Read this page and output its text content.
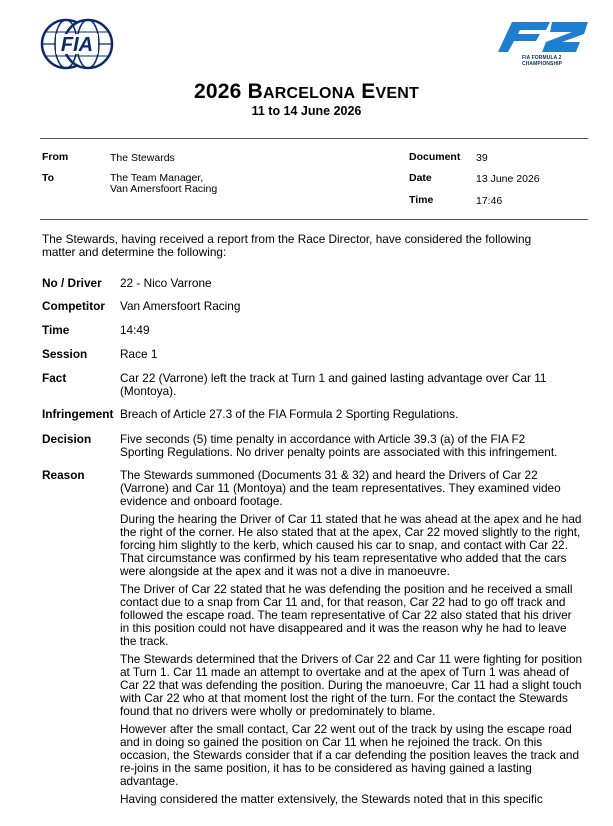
FIA
FIA FORMULA 2
CHAMPIONSHIP
2026 BARCELONA EVENT
11 to 14 June 2026
From	The Stewards
To	The Team Manager,
Van Amersfoort Racing
Document 39
Date	13 June 2026
Time	17:46
The Stewards, having received a report from the Race Director, have considered the following matter and determine the following:
No / Driver 22 - Nico Varrone
Competitor Van Amersfoort Racing
Time	14:49
Session	Race 1
Fact	Car 22 (Varrone) left the track at Turn 1 and gained lasting advantage over Car 11 (Montoya).
Infringement Breach of Article 27.3 of the FIA Formula 2 Sporting Regulations.
Decision Five seconds (5) time penalty in accordance with Article 39.3 (a) of the FIA F2 Sporting Regulations. No driver penalty points are associated with this infringement.
Reason	The Stewards summoned (Documents 31 & 32) and heard the Drivers of Car 22 (Varrone) and Car 11 (Montoya) and the team representatives. They examined video evidence and onboard footage.

During the hearing the Driver of Car 11 stated that he was ahead at the apex and he had the right of the corner. He also stated that at the apex, Car 22 moved slightly to the right, forcing him slightly to the kerb, which caused his car to snap, and contact with Car 22. That circumstance was confirmed by his team representative who added that the cars were alongside at the apex and it was not a dive in manoeuvre.

The Driver of Car 22 stated that he was defending the position and he received a small contact due to a snap from Car 11 and, for that reason, Car 22 had to go off track and followed the escape road. The team representative of Car 22 also stated that his driver in this position could not have disappeared and it was the reason why he had to leave the track.

The Stewards determined that the Drivers of Car 22 and Car 11 were fighting for position at Turn 1. Car 11 made an attempt to overtake and at the apex of Turn 1 was ahead of Car 22 that was defending the position. During the manoeuvre, Car 11 had a slight touch with Car 22 who at that moment lost the right of the turn. For the contact the Stewards found that no drivers were wholly or predominately to blame.

However after the small contact, Car 22 went out of the track by using the escape road and in doing so gained the position on Car 11 when he rejoined the track. On this occasion, the Stewards consider that if a car defending the position leaves the track and re-joins in the same position, it has to be considered as having gained a lasting advantage.

Having considered the matter extensively, the Stewards noted that in this specific
